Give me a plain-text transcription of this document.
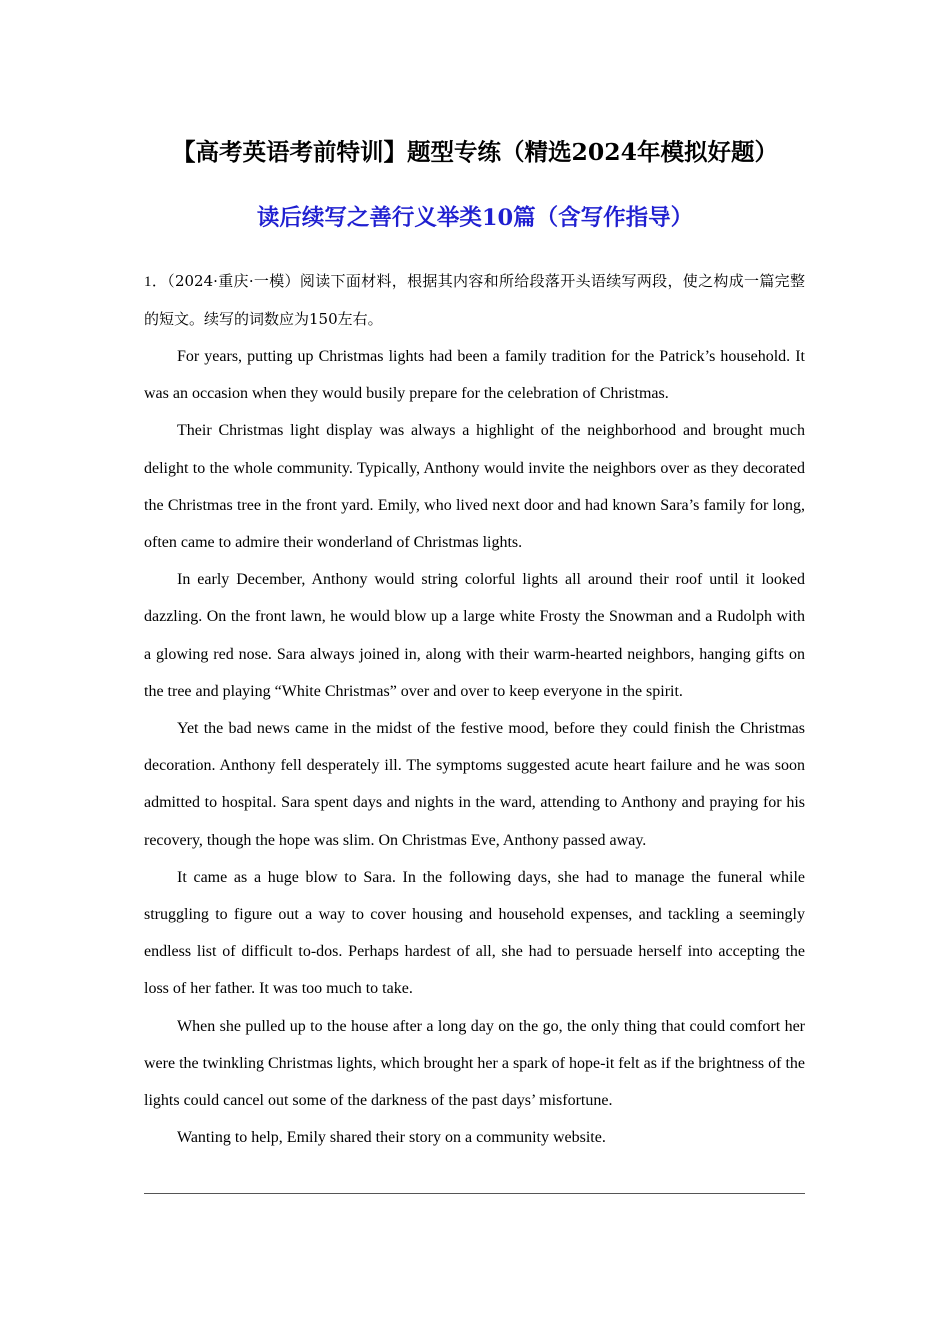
【高考英语考前特训】题型专练（精选2024年模拟好题）
读后续写之善行义举类10篇（含写作指导）

1．（2024·重庆·一模）阅读下面材料，根据其内容和所给段落开头语续写两段，使之构成一篇完整的短文。续写的词数应为150左右。

For years, putting up Christmas lights had been a family tradition for the Patrick’s household. It was an occasion when they would busily prepare for the celebration of Christmas.

Their Christmas light display was always a highlight of the neighborhood and brought much delight to the whole community. Typically, Anthony would invite the neighbors over as they decorated the Christmas tree in the front yard. Emily, who lived next door and had known Sara’s family for long, often came to admire their wonderland of Christmas lights.

In early December, Anthony would string colorful lights all around their roof until it looked dazzling. On the front lawn, he would blow up a large white Frosty the Snowman and a Rudolph with a glowing red nose. Sara always joined in, along with their warm-hearted neighbors, hanging gifts on the tree and playing “White Christmas” over and over to keep everyone in the spirit.

Yet the bad news came in the midst of the festive mood, before they could finish the Christmas decoration. Anthony fell desperately ill. The symptoms suggested acute heart failure and he was soon admitted to hospital. Sara spent days and nights in the ward, attending to Anthony and praying for his recovery, though the hope was slim. On Christmas Eve, Anthony passed away.

It came as a huge blow to Sara. In the following days, she had to manage the funeral while struggling to figure out a way to cover housing and household expenses, and tackling a seemingly endless list of difficult to-dos. Perhaps hardest of all, she had to persuade herself into accepting the loss of her father. It was too much to take.

When she pulled up to the house after a long day on the go, the only thing that could comfort her were the twinkling Christmas lights, which brought her a spark of hope-it felt as if the brightness of the lights could cancel out some of the darkness of the past days’ misfortune.

Wanting to help, Emily shared their story on a community website.
